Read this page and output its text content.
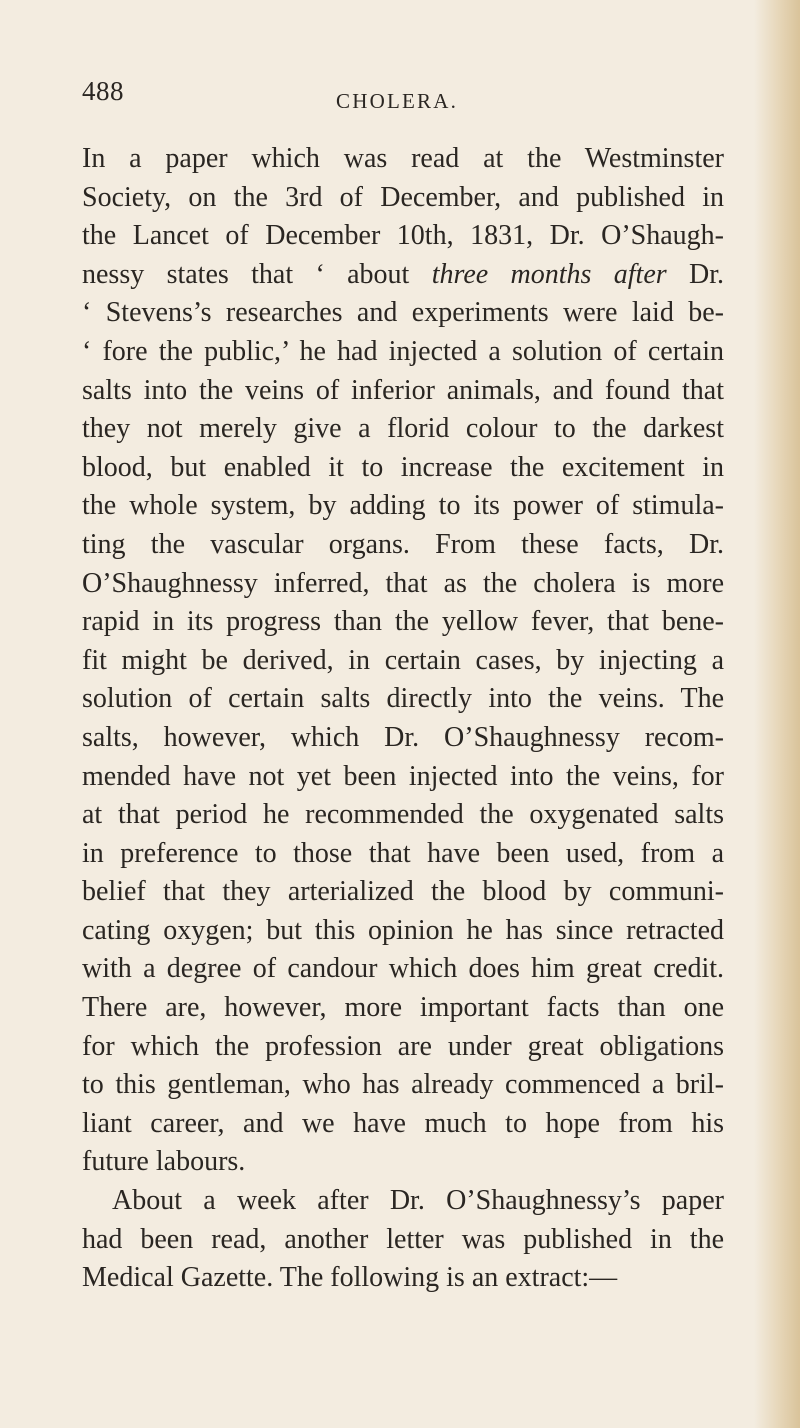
488	CHOLERA.
In a paper which was read at the Westminster
Society, on the 3rd of December, and published in
the Lancet of December 10th, 1831, Dr. O’Shaugh-
nessy states that ‘ about three months after Dr.
‘ Stevens’s researches and experiments were laid be-
‘ fore the public,’ he had injected a solution of certain
salts into the veins of inferior animals, and found that
they not merely give a florid colour to the darkest
blood, but enabled it to increase the excitement in
the whole system, by adding to its power of stimula-
ting the vascular organs. From these facts, Dr.
O’Shaughnessy inferred, that as the cholera is more
rapid in its progress than the yellow fever, that bene-
fit might be derived, in certain cases, by injecting a
solution of certain salts directly into the veins. The
salts, however, which Dr. O’Shaughnessy recom-
mended have not yet been injected into the veins, for
at that period he recommended the oxygenated salts
in preference to those that have been used, from a
belief that they arterialized the blood by communi-
cating oxygen; but this opinion he has since retracted
with a degree of candour which does him great credit.
There are, however, more important facts than one
for which the profession are under great obligations
to this gentleman, who has already commenced a bril-
liant career, and we have much to hope from his
future labours.
About a week after Dr. O’Shaughnessy’s paper
had been read, another letter was published in the
Medical Gazette. The following is an extract:—
